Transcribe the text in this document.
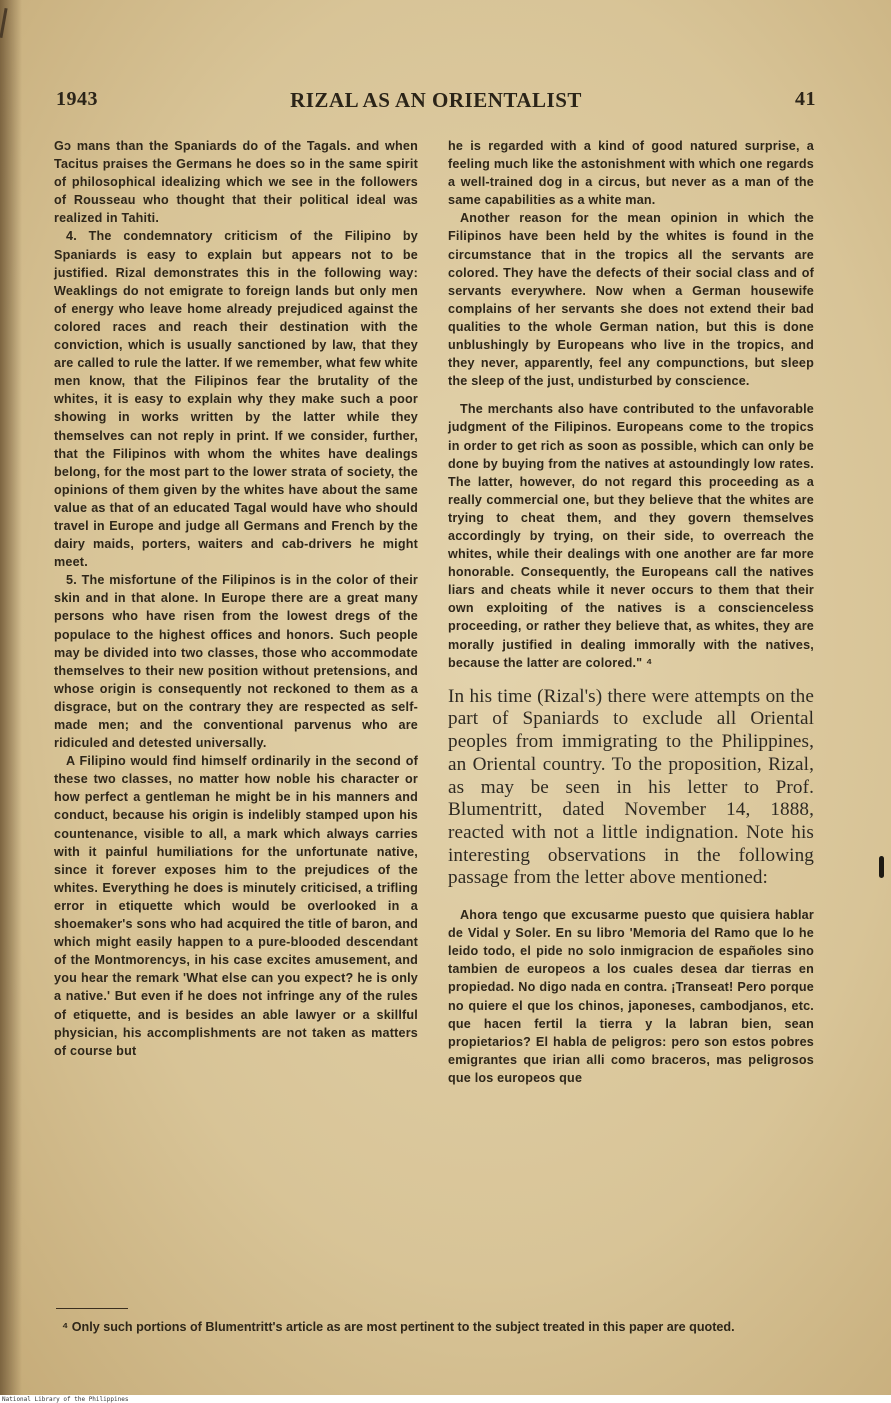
1943	RIZAL AS AN ORIENTALIST	41

Gɔ mans than the Spaniards do of the Tagals. and when Tacitus praises the Germans he does so in the same spirit of philosophical idealizing which we see in the followers of Rousseau who thought that their political ideal was realized in Tahiti.

4. The condemnatory criticism of the Filipino by Spaniards is easy to explain but appears not to be justified. Rizal demonstrates this in the following way: Weaklings do not emigrate to foreign lands but only men of energy who leave home already prejudiced against the colored races and reach their destination with the conviction, which is usually sanctioned by law, that they are called to rule the latter. If we remember, what few white men know, that the Filipinos fear the brutality of the whites, it is easy to explain why they make such a poor showing in works written by the latter while they themselves can not reply in print. If we consider, further, that the Filipinos with whom the whites have dealings belong, for the most part to the lower strata of society, the opinions of them given by the whites have about the same value as that of an educated Tagal would have who should travel in Europe and judge all Germans and French by the dairy maids, porters, waiters and cab-drivers he might meet.

5. The misfortune of the Filipinos is in the color of their skin and in that alone. In Europe there are a great many persons who have risen from the lowest dregs of the populace to the highest offices and honors. Such people may be divided into two classes, those who accommodate themselves to their new position without pretensions, and whose origin is consequently not reckoned to them as a disgrace, but on the contrary they are respected as self-made men; and the conventional parvenus who are ridiculed and detested universally.

A Filipino would find himself ordinarily in the second of these two classes, no matter how noble his character or how perfect a gentleman he might be in his manners and conduct, because his origin is indelibly stamped upon his countenance, visible to all, a mark which always carries with it painful humiliations for the unfortunate native, since it forever exposes him to the prejudices of the whites. Everything he does is minutely criticised, a trifling error in etiquette which would be overlooked in a shoemaker's sons who had acquired the title of baron, and which might easily happen to a pure-blooded descendant of the Montmorencys, in his case excites amusement, and you hear the remark 'What else can you expect? he is only a native.' But even if he does not infringe any of the rules of etiquette, and is besides an able lawyer or a skillful physician, his accomplishments are not taken as matters of course but

he is regarded with a kind of good natured surprise, a feeling much like the astonishment with which one regards a well-trained dog in a circus, but never as a man of the same capabilities as a white man.

Another reason for the mean opinion in which the Filipinos have been held by the whites is found in the circumstance that in the tropics all the servants are colored. They have the defects of their social class and of servants everywhere. Now when a German housewife complains of her servants she does not extend their bad qualities to the whole German nation, but this is done unblushingly by Europeans who live in the tropics, and they never, apparently, feel any compunctions, but sleep the sleep of the just, undisturbed by conscience.

The merchants also have contributed to the unfavorable judgment of the Filipinos. Europeans come to the tropics in order to get rich as soon as possible, which can only be done by buying from the natives at astoundingly low rates. The latter, however, do not regard this proceeding as a really commercial one, but they believe that the whites are trying to cheat them, and they govern themselves accordingly by trying, on their side, to overreach the whites, while their dealings with one another are far more honorable. Consequently, the Europeans call the natives liars and cheats while it never occurs to them that their own exploiting of the natives is a conscienceless proceeding, or rather they believe that, as whites, they are morally justified in dealing immorally with the natives, because the latter are colored." ⁴

In his time (Rizal's) there were attempts on the part of Spaniards to exclude all Oriental peoples from immigrating to the Philippines, an Oriental country. To the proposition, Rizal, as may be seen in his letter to Prof. Blumentritt, dated November 14, 1888, reacted with not a little indignation. Note his interesting observations in the following passage from the letter above mentioned:

Ahora tengo que excusarme puesto que quisiera hablar de Vidal y Soler. En su libro 'Memoria del Ramo que lo he leido todo, el pide no solo inmigracion de españoles sino tambien de europeos a los cuales desea dar tierras en propiedad. No digo nada en contra. ¡Transeat! Pero porque no quiere el que los chinos, japoneses, cambodjanos, etc. que hacen fertil la tierra y la labran bien, sean propietarios? El habla de peligros: pero son estos pobres emigrantes que irian alli como braceros, mas peligrosos que los europeos que

⁴ Only such portions of Blumentritt's article as are most pertinent to the subject treated in this paper are quoted.
National Library of the Philippines
